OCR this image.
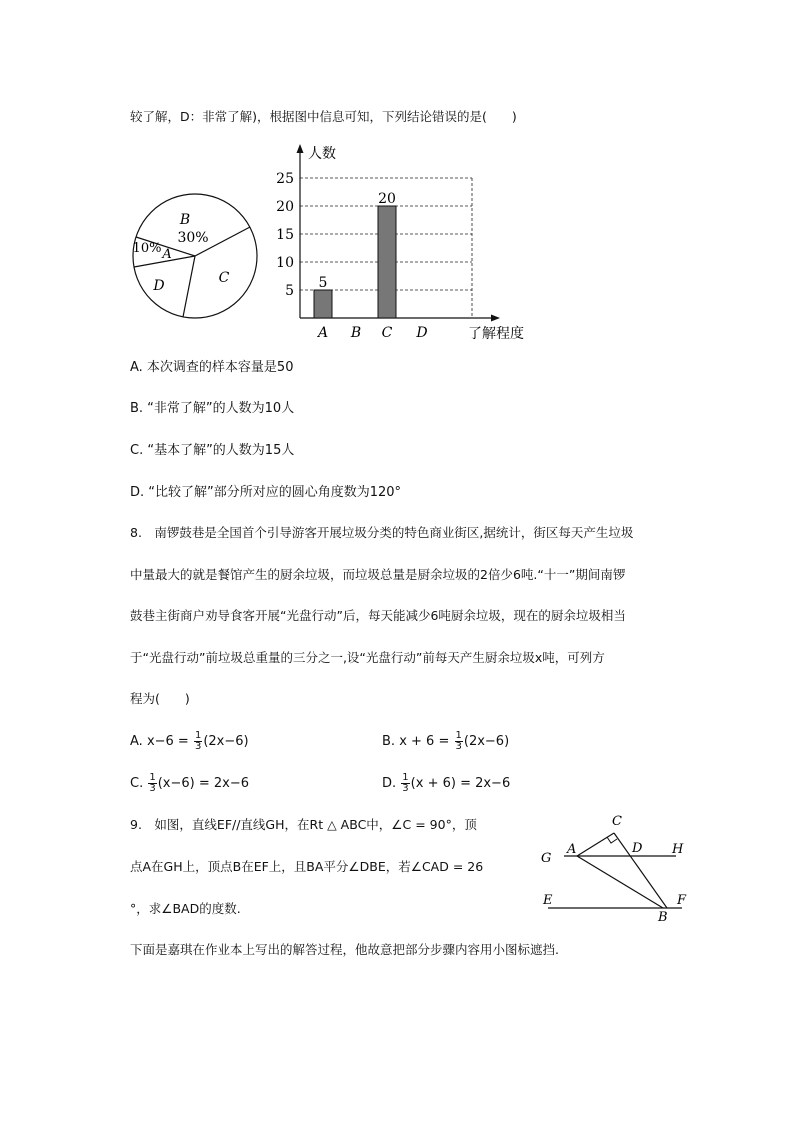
较了解，D：非常了解)，根据图中信息可知，下列结论错误的是(　　)
B
30%
10% A
C
D
人数
了解程度
5
10
15
20
25
5
20
A B C D
A. 本次调查的样本容量是50
B. “非常了解”的人数为10人
C. “基本了解”的人数为15人
D. “比较了解”部分所对应的圆心角度数为120°
8.　南锣鼓巷是全国首个引导游客开展垃圾分类的特色商业街区,据统计，街区每天产生垃圾
中量最大的就是餐馆产生的厨余垃圾，而垃圾总量是厨余垃圾的2倍少6吨.“十一”期间南锣
鼓巷主街商户劝导食客开展“光盘行动”后，每天能减少6吨厨余垃圾，现在的厨余垃圾相当
于“光盘行动”前垃圾总重量的三分之一,设“光盘行动”前每天产生厨余垃圾x吨，可列方
程为(　　)
A. $x-6 = \frac{1}{3} (2x-6)$	B. $x + 6 = \frac{1}{3} (2x-6)$
C. $\frac{1}{3} (x-6) = 2x-6$	D. $\frac{1}{3} (x + 6) = 2x-6$
9.　如图，直线EF//直线GH，在Rt △ ABC中，∠C = 90°，顶
点A在GH上，顶点B在EF上，且BA平分∠DBE，若∠CAD = 26
°，求∠BAD的度数.
C
A	D H
G
E	F
B
下面是嘉琪在作业本上写出的解答过程，他故意把部分步骤内容用小图标遮挡.
